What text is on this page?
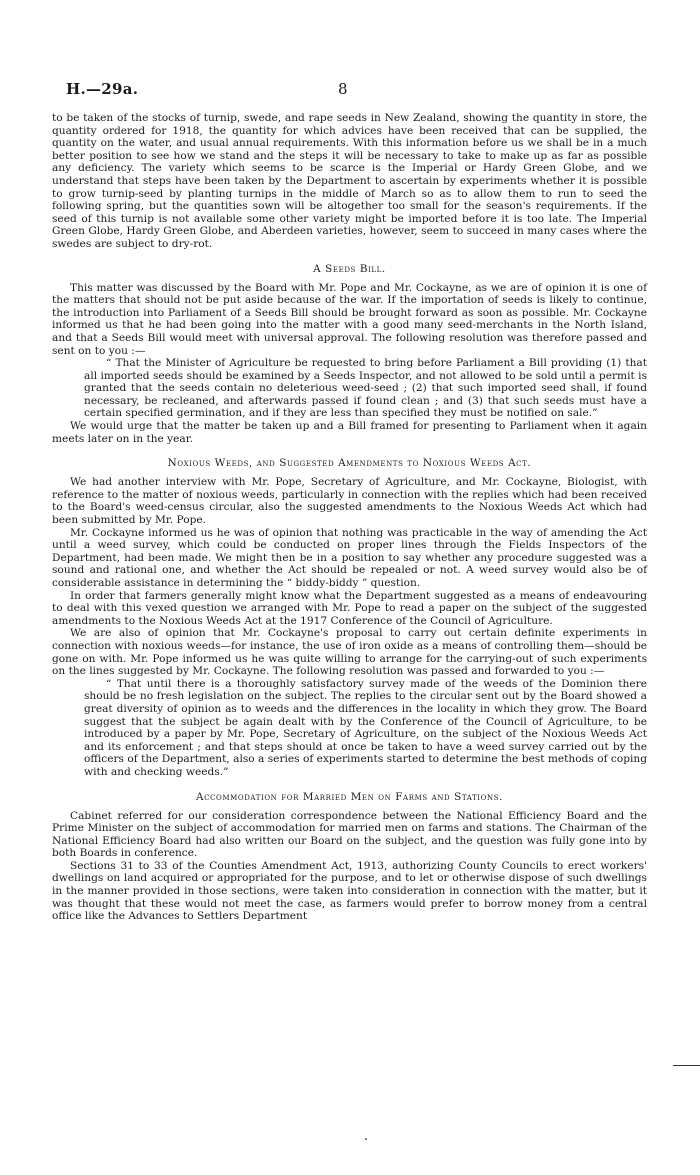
H.—29a.	8

to be taken of the stocks of turnip, swede, and rape seeds in New Zealand, showing the quantity in store, the quantity ordered for 1918, the quantity for which advices have been received that can be supplied, the quantity on the water, and usual annual requirements. With this information before us we shall be in a much better position to see how we stand and the steps it will be necessary to take to make up as far as possible any deficiency. The variety which seems to be scarce is the Imperial or Hardy Green Globe, and we understand that steps have been taken by the Department to ascertain by experiments whether it is possible to grow turnip-seed by planting turnips in the middle of March so as to allow them to run to seed the following spring, but the quantities sown will be altogether too small for the season's requirements. If the seed of this turnip is not available some other variety might be imported before it is too late. The Imperial Green Globe, Hardy Green Globe, and Aberdeen varieties, however, seem to succeed in many cases where the swedes are subject to dry-rot.

A Seeds Bill.

This matter was discussed by the Board with Mr. Pope and Mr. Cockayne, as we are of opinion it is one of the matters that should not be put aside because of the war. If the importation of seeds is likely to continue, the introduction into Parliament of a Seeds Bill should be brought forward as soon as possible. Mr. Cockayne informed us that he had been going into the matter with a good many seed-merchants in the North Island, and that a Seeds Bill would meet with universal approval. The following resolution was therefore passed and sent on to you :—

“ That the Minister of Agriculture be requested to bring before Parliament a Bill providing (1) that all imported seeds should be examined by a Seeds Inspector, and not allowed to be sold until a permit is granted that the seeds contain no deleterious weed-seed ; (2) that such imported seed shall, if found necessary, be recleaned, and afterwards passed if found clean ; and (3) that such seeds must have a certain specified germination, and if they are less than specified they must be notified on sale.”

We would urge that the matter be taken up and a Bill framed for presenting to Parliament when it again meets later on in the year.

Noxious Weeds, and Suggested Amendments to Noxious Weeds Act.

We had another interview with Mr. Pope, Secretary of Agriculture, and Mr. Cockayne, Biologist, with reference to the matter of noxious weeds, particularly in connection with the replies which had been received to the Board's weed-census circular, also the suggested amendments to the Noxious Weeds Act which had been submitted by Mr. Pope.

Mr. Cockayne informed us he was of opinion that nothing was practicable in the way of amending the Act until a weed survey, which could be conducted on proper lines through the Fields Inspectors of the Department, had been made. We might then be in a position to say whether any procedure suggested was a sound and rational one, and whether the Act should be repealed or not. A weed survey would also be of considerable assistance in determining the “ biddy-biddy ” question.

In order that farmers generally might know what the Department suggested as a means of endeavouring to deal with this vexed question we arranged with Mr. Pope to read a paper on the subject of the suggested amendments to the Noxious Weeds Act at the 1917 Conference of the Council of Agriculture.

We are also of opinion that Mr. Cockayne's proposal to carry out certain definite experiments in connection with noxious weeds—for instance, the use of iron oxide as a means of controlling them—should be gone on with. Mr. Pope informed us he was quite willing to arrange for the carrying-out of such experiments on the lines suggested by Mr. Cockayne. The following resolution was passed and forwarded to you :—

“ That until there is a thoroughly satisfactory survey made of the weeds of the Dominion there should be no fresh legislation on the subject. The replies to the circular sent out by the Board showed a great diversity of opinion as to weeds and the differences in the locality in which they grow. The Board suggest that the subject be again dealt with by the Conference of the Council of Agriculture, to be introduced by a paper by Mr. Pope, Secretary of Agriculture, on the subject of the Noxious Weeds Act and its enforcement ; and that steps should at once be taken to have a weed survey carried out by the officers of the Department, also a series of experiments started to determine the best methods of coping with and checking weeds.”

Accommodation for Married Men on Farms and Stations.

Cabinet referred for our consideration correspondence between the National Efficiency Board and the Prime Minister on the subject of accommodation for married men on farms and stations. The Chairman of the National Efficiency Board had also written our Board on the subject, and the question was fully gone into by both Boards in conference.

Sections 31 to 33 of the Counties Amendment Act, 1913, authorizing County Councils to erect workers' dwellings on land acquired or appropriated for the purpose, and to let or otherwise dispose of such dwellings in the manner provided in those sections, were taken into consideration in connection with the matter, but it was thought that these would not meet the case, as farmers would prefer to borrow money from a central office like the Advances to Settlers Department
